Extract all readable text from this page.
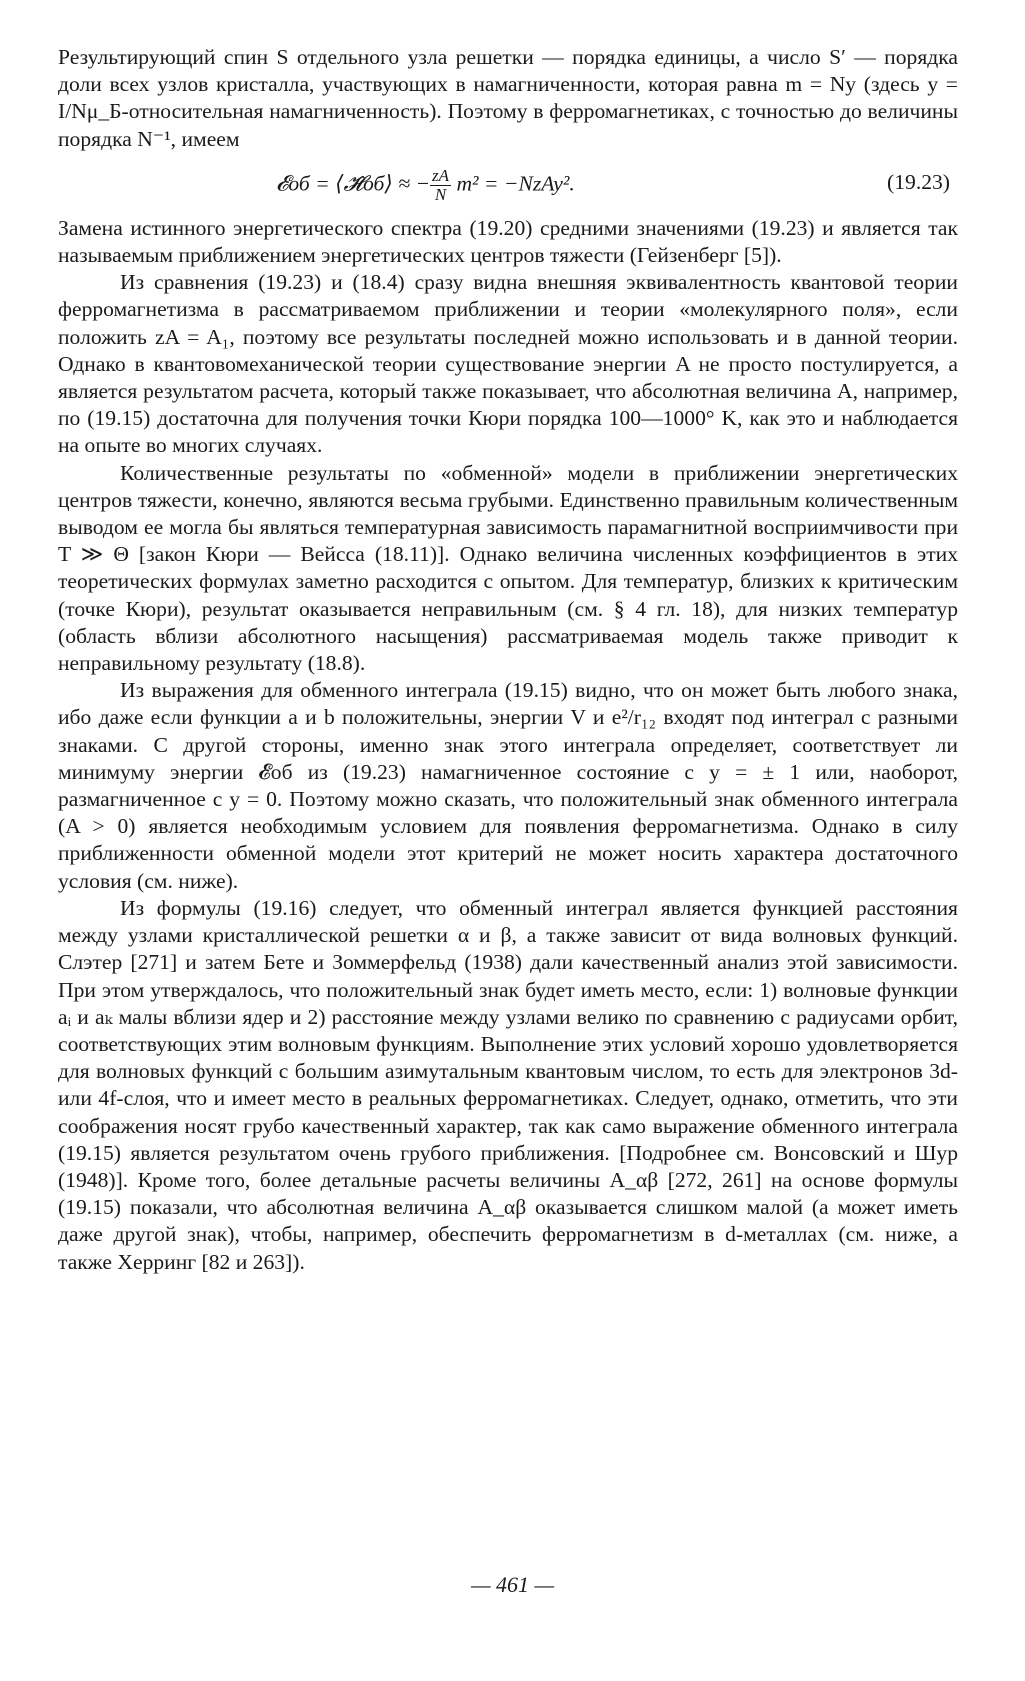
Результирующий спин S отдельного узла решетки — порядка единицы, а число S′ — порядка доли всех узлов кристалла, участвующих в намагниченности, которая равна m = Ny (здесь y = I/Nμ_Б-относительная намагниченность). Поэтому в ферромагнетиках, с точностью до величины порядка N⁻¹, имеем

𝓔об = ⟨𝓗̂об⟩ ≈ − $\frac{zA}{N} m^2$ = −NzAy².	(19.23)

Замена истинного энергетического спектра (19.20) средними значениями (19.23) и является так называемым приближением энергетических центров тяжести (Гейзенберг [5]).

Из сравнения (19.23) и (18.4) сразу видна внешняя эквивалентность квантовой теории ферромагнетизма в рассматриваемом приближении и теории «молекулярного поля», если положить zA = A₁, поэтому все результаты последней можно использовать и в данной теории. Однако в квантовомеханической теории существование энергии A не просто постулируется, а является результатом расчета, который также показывает, что абсолютная величина A, например, по (19.15) достаточна для получения точки Кюри порядка 100—1000° K, как это и наблюдается на опыте во многих случаях.

Количественные результаты по «обменной» модели в приближении энергетических центров тяжести, конечно, являются весьма грубыми. Единственно правильным количественным выводом ее могла бы являться температурная зависимость парамагнитной восприимчивости при T ≫ Θ [закон Кюри — Вейсса (18.11)]. Однако величина численных коэффициентов в этих теоретических формулах заметно расходится с опытом. Для температур, близких к критическим (точке Кюри), результат оказывается неправильным (см. § 4 гл. 18), для низких температур (область вблизи абсолютного насыщения) рассматриваемая модель также приводит к неправильному результату (18.8).

Из выражения для обменного интеграла (19.15) видно, что он может быть любого знака, ибо даже если функции a и b положительны, энергии V и e²/r₁₂ входят под интеграл с разными знаками. С другой стороны, именно знак этого интеграла определяет, соответствует ли минимуму энергии 𝓔об из (19.23) намагниченное состояние с y = ± 1 или, наоборот, размагниченное с y = 0. Поэтому можно сказать, что положительный знак обменного интеграла (A > 0) является необходимым условием для появления ферромагнетизма. Однако в силу приближенности обменной модели этот критерий не может носить характера достаточного условия (см. ниже).

Из формулы (19.16) следует, что обменный интеграл является функцией расстояния между узлами кристаллической решетки α и β, а также зависит от вида волновых функций. Слэтер [271] и затем Бете и Зоммерфельд (1938) дали качественный анализ этой зависимости. При этом утверждалось, что положительный знак будет иметь место, если: 1) волновые функции aᵢ и aₖ малы вблизи ядер и 2) расстояние между узлами велико по сравнению с радиусами орбит, соответствующих этим волновым функциям. Выполнение этих условий хорошо удовлетворяется для волновых функций с большим азимутальным квантовым числом, то есть для электронов 3d- или 4f-слоя, что и имеет место в реальных ферромагнетиках. Следует, однако, отметить, что эти соображения носят грубо качественный характер, так как само выражение обменного интеграла (19.15) является результатом очень грубого приближения. [Подробнее см. Вонсовский и Шур (1948)]. Кроме того, более детальные расчеты величины A_αβ [272, 261] на основе формулы (19.15) показали, что абсолютная величина A_αβ оказывается слишком малой (а может иметь даже другой знак), чтобы, например, обеспечить ферромагнетизм в d-металлах (см. ниже, а также Херринг [82 и 263]).

— 461 —
